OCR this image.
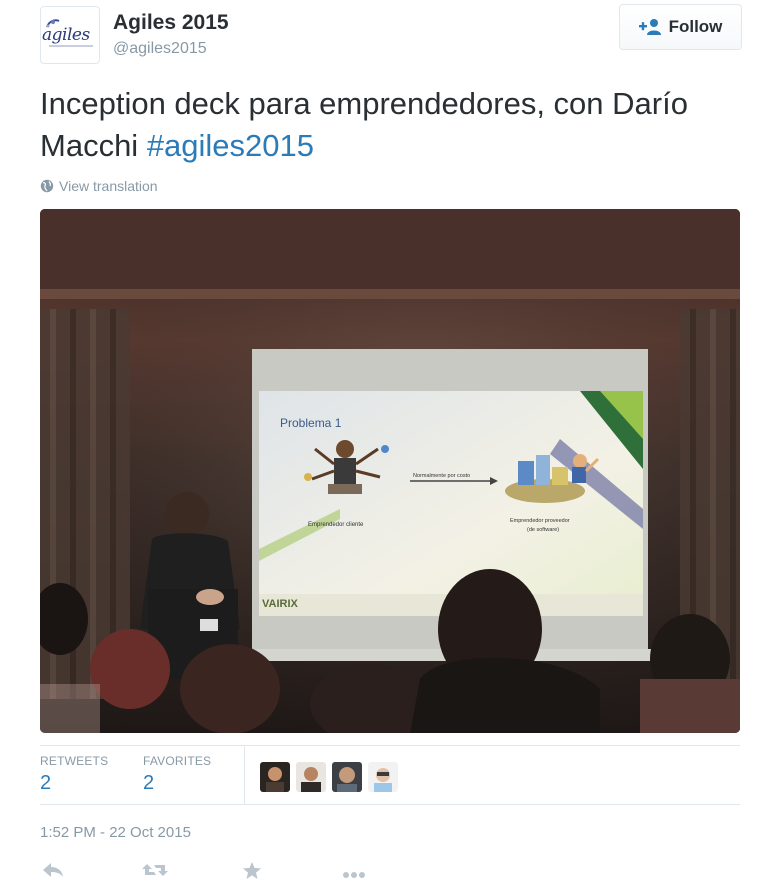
agiles
Agiles 2015
@agiles2015
Follow
Inception deck para emprendedores, con Darío Macchi #agiles2015
View translation
Problema 1
Emprendedor cliente
Normalmente por costo
Emprendedor proveedor
(de software)
VAIRIX
RETWEETS
2
FAVORITES
2
1:52 PM - 22 Oct 2015
